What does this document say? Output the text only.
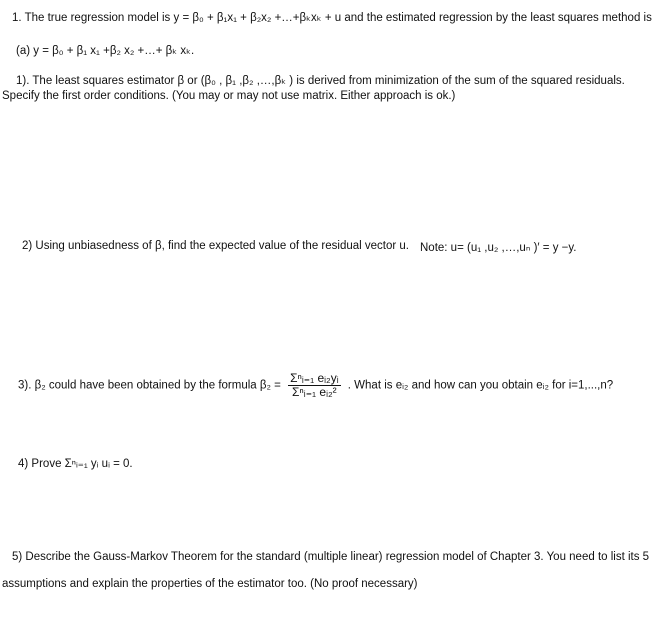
1. The true regression model is y = β₀ + β₁x₁ + β₂x₂ +…+βₖxₖ + u and the estimated regression by the least squares method is
(a) y = β₀ + β₁ x₁ +β₂ x₂ +…+ βₖ xₖ.
1). The least squares estimator β or (β₀ , β₁ ,β₂ ,…,βₖ ) is derived from minimization of the sum of the squared residuals.
Specify the first order conditions. (You may or may not use matrix. Either approach is ok.)
2) Using unbiasedness of β, find the expected value of the residual vector u. Note: u= (u₁ ,u₂ ,…,uₙ )′ = y −y.
3). β₂ could have been obtained by the formula $\beta_2 = \frac{\text{Σⁿᵢ₌₁ eᵢ₂yᵢ}}{\text{Σⁿᵢ₌₁ eᵢ₂²}}$ . What is eᵢ₂ and how can you obtain eᵢ₂ for i=1,...,n?
4) Prove Σⁿᵢ₌₁ yᵢ uᵢ = 0.
5) Describe the Gauss-Markov Theorem for the standard (multiple linear) regression model of Chapter 3. You need to list its 5
assumptions and explain the properties of the estimator too. (No proof necessary)
